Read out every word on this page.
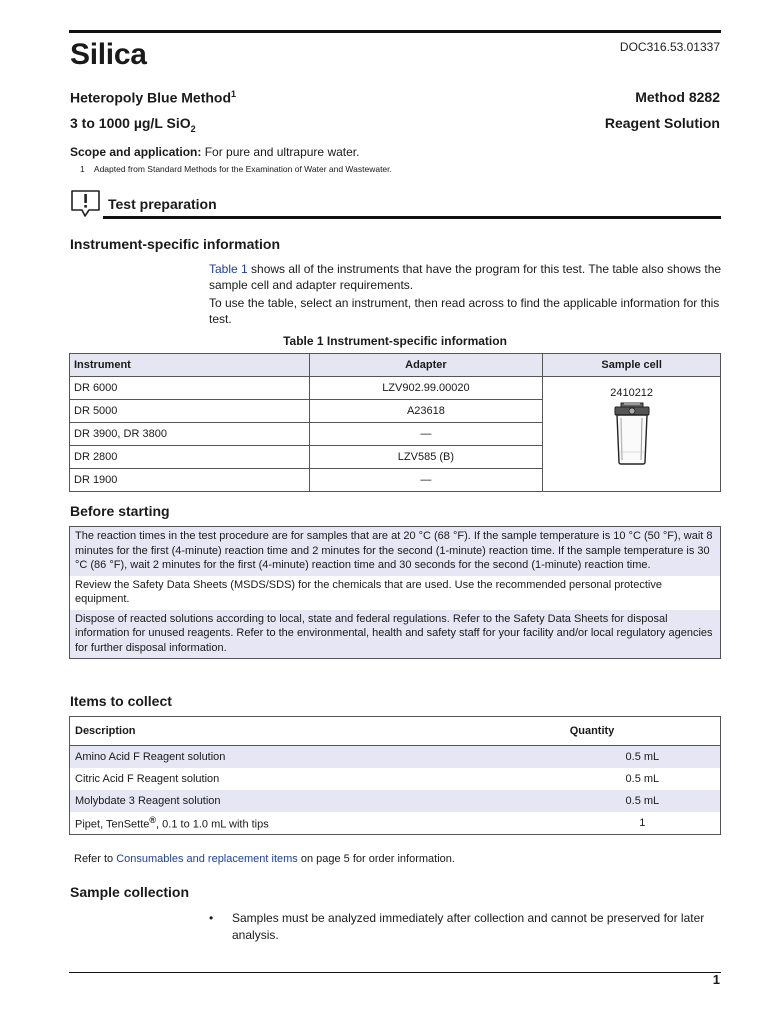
Silica	DOC316.53.01337
Heteropoly Blue Method$^1$	Method 8282
3 to 1000 µg/L SiO$_2$	Reagent Solution
Scope and application: For pure and ultrapure water.
1 Adapted from Standard Methods for the Examination of Water and Wastewater.
Test preparation
Instrument-specific information
Table 1 shows all of the instruments that have the program for this test. The table also shows the sample cell and adapter requirements.
To use the table, select an instrument, then read across to find the applicable information for this test.
Table 1 Instrument-specific information
Instrument	Adapter	Sample cell
DR 6000	LZV902.99.00020	2410212

DR 5000	A23618	
DR 3900, DR 3800	—	
DR 2800	LZV585 (B)	
DR 1900	—	
Before starting
The reaction times in the test procedure are for samples that are at 20 °C (68 °F). If the sample temperature is 10 °C (50 °F), wait 8 minutes for the first (4-minute) reaction time and 2 minutes for the second (1-minute) reaction time. If the sample temperature is 30 °C (86 °F), wait 2 minutes for the first (4-minute) reaction time and 30 seconds for the second (1-minute) reaction time.
Review the Safety Data Sheets (MSDS/SDS) for the chemicals that are used. Use the recommended personal protective equipment.
Dispose of reacted solutions according to local, state and federal regulations. Refer to the Safety Data Sheets for disposal information for unused reagents. Refer to the environmental, health and safety staff for your facility and/or local regulatory agencies for further disposal information.
Items to collect
Description	Quantity
Amino Acid F Reagent solution	0.5 mL
Citric Acid F Reagent solution	0.5 mL
Molybdate 3 Reagent solution	0.5 mL
Pipet, TenSette®, 0.1 to 1.0 mL with tips	1
Refer to Consumables and replacement items on page 5 for order information.
Sample collection
• Samples must be analyzed immediately after collection and cannot be preserved for later analysis.
1
